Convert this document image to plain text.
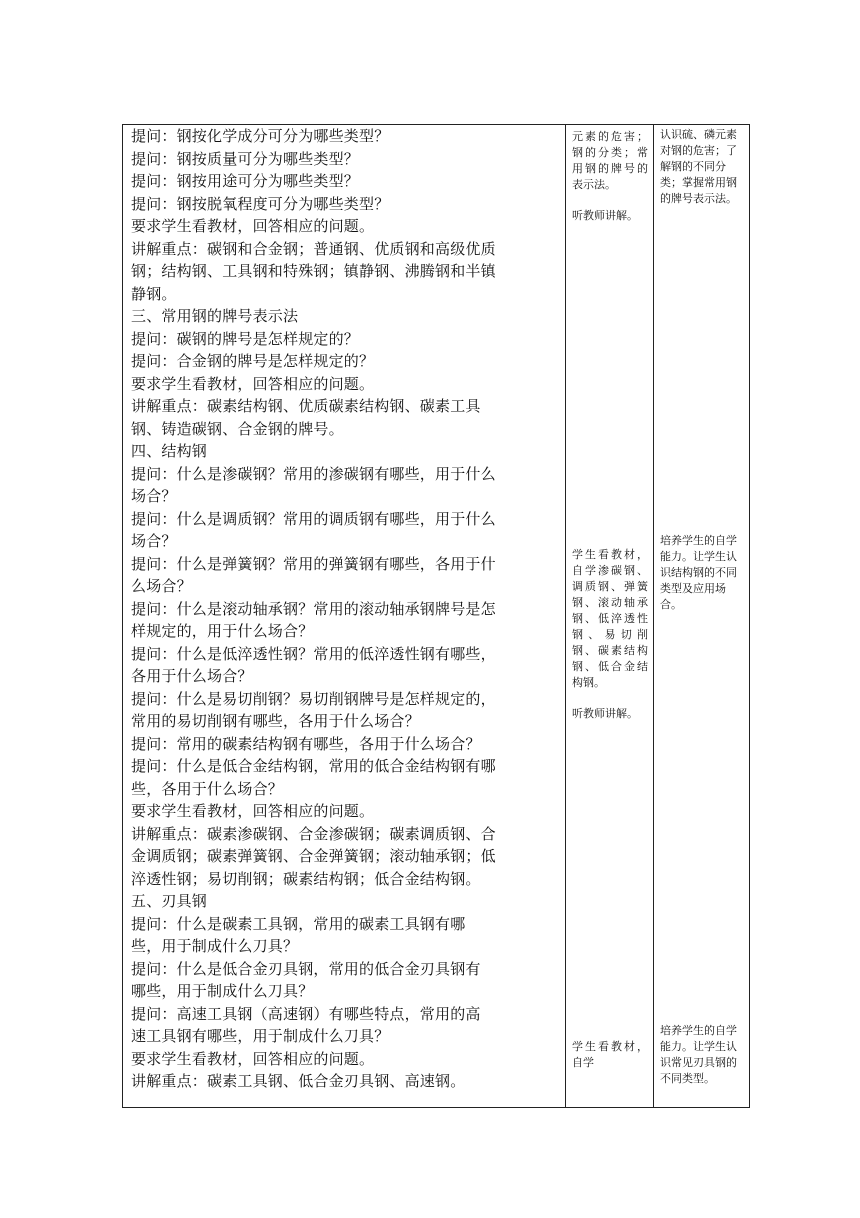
提问：钢按化学成分可分为哪些类型？
提问：钢按质量可分为哪些类型？
提问：钢按用途可分为哪些类型？
提问：钢按脱氧程度可分为哪些类型？
要求学生看教材，回答相应的问题。
讲解重点：碳钢和合金钢；普通钢、优质钢和高级优质
钢；结构钢、工具钢和特殊钢；镇静钢、沸腾钢和半镇
静钢。
三、常用钢的牌号表示法
提问：碳钢的牌号是怎样规定的？
提问：合金钢的牌号是怎样规定的？
要求学生看教材，回答相应的问题。
讲解重点：碳素结构钢、优质碳素结构钢、碳素工具
钢、铸造碳钢、合金钢的牌号。
四、结构钢
提问：什么是渗碳钢？常用的渗碳钢有哪些，用于什么
场合？
提问：什么是调质钢？常用的调质钢有哪些，用于什么
场合？
提问：什么是弹簧钢？常用的弹簧钢有哪些，各用于什
么场合？
提问：什么是滚动轴承钢？常用的滚动轴承钢牌号是怎
样规定的，用于什么场合？
提问：什么是低淬透性钢？常用的低淬透性钢有哪些，
各用于什么场合？
提问：什么是易切削钢？易切削钢牌号是怎样规定的，
常用的易切削钢有哪些，各用于什么场合？
提问：常用的碳素结构钢有哪些，各用于什么场合？
提问：什么是低合金结构钢，常用的低合金结构钢有哪
些，各用于什么场合？
要求学生看教材，回答相应的问题。
讲解重点：碳素渗碳钢、合金渗碳钢；碳素调质钢、合
金调质钢；碳素弹簧钢、合金弹簧钢；滚动轴承钢；低
淬透性钢；易切削钢；碳素结构钢；低合金结构钢。
五、刃具钢
提问：什么是碳素工具钢，常用的碳素工具钢有哪
些，用于制成什么刀具？
提问：什么是低合金刃具钢，常用的低合金刃具钢有
哪些，用于制成什么刀具？
提问：高速工具钢（高速钢）有哪些特点，常用的高
速工具钢有哪些，用于制成什么刀具？
要求学生看教材，回答相应的问题。
讲解重点：碳素工具钢、低合金刃具钢、高速钢。

元素的危害；钢的分类；常用钢的牌号的表示法。

听教师讲解。

学生看教材，自学渗碳钢、调质钢、弹簧钢、滚动轴承钢、低淬透性钢、易切削钢、碳素结构钢、低合金结构钢。

听教师讲解。

学生看教材，自学

认识硫、磷元素对钢的危害；了解钢的不同分类；掌握常用钢的牌号表示法。

培养学生的自学能力。让学生认识结构钢的不同类型及应用场合。

培养学生的自学能力。让学生认识常见刃具钢的不同类型。
